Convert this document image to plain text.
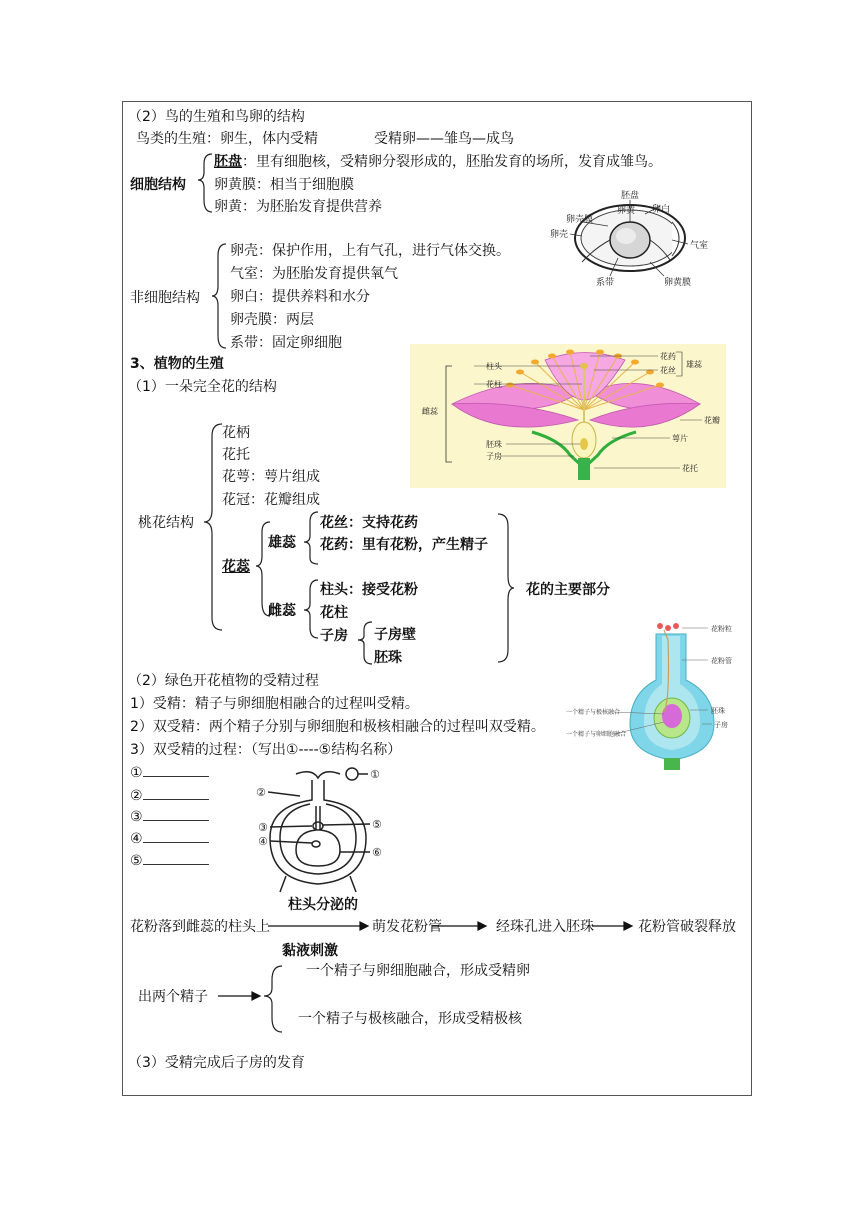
（2）鸟的生殖和鸟卵的结构
鸟类的生殖：卵生，体内受精	受精卵——雏鸟—成鸟
细胞结构
胚盘：里有细胞核，受精卵分裂形成的，胚胎发育的场所，发育成雏鸟。
卵黄膜：相当于细胞膜
卵黄：为胚胎发育提供营养
非细胞结构
卵壳：保护作用，上有气孔，进行气体交换。
气室：为胚胎发育提供氧气
卵白：提供养料和水分
卵壳膜：两层
系带：固定卵细胞
胚盘
卵黄 卵白
卵壳膜
卵壳
气室
系带	卵黄膜
3、植物的生殖
（1）一朵完全花的结构
桃花结构
花柄
花托
花萼：萼片组成
花冠：花瓣组成
花蕊
雄蕊
花丝：支持花药
花药：里有花粉，产生精子
雌蕊
柱头：接受花粉
花柱
子房 子房壁
胚珠
花的主要部分
柱头
花柱
雌蕊
胚珠
子房
花药
花丝
雄蕊
花瓣
萼片
花托
（2）绿色开花植物的受精过程
1）受精：精子与卵细胞相融合的过程叫受精。
2）双受精：两个精子分别与卵细胞和极核相融合的过程叫双受精。
3）双受精的过程：（写出①----⑤结构名称）
①
②
③
④
⑤
①
②
③
④
⑤
⑥
花粉粒
花粉管
胚珠
子房
一个精子与极核融合
一个精子与卵细胞融合
柱头分泌的
黏液刺激
花粉落到雌蕊的柱头上	萌发花粉管	经珠孔进入胚珠	花粉管破裂释放
出两个精子
一个精子与卵细胞融合，形成受精卵
一个精子与极核融合，形成受精极核
（3）受精完成后子房的发育
